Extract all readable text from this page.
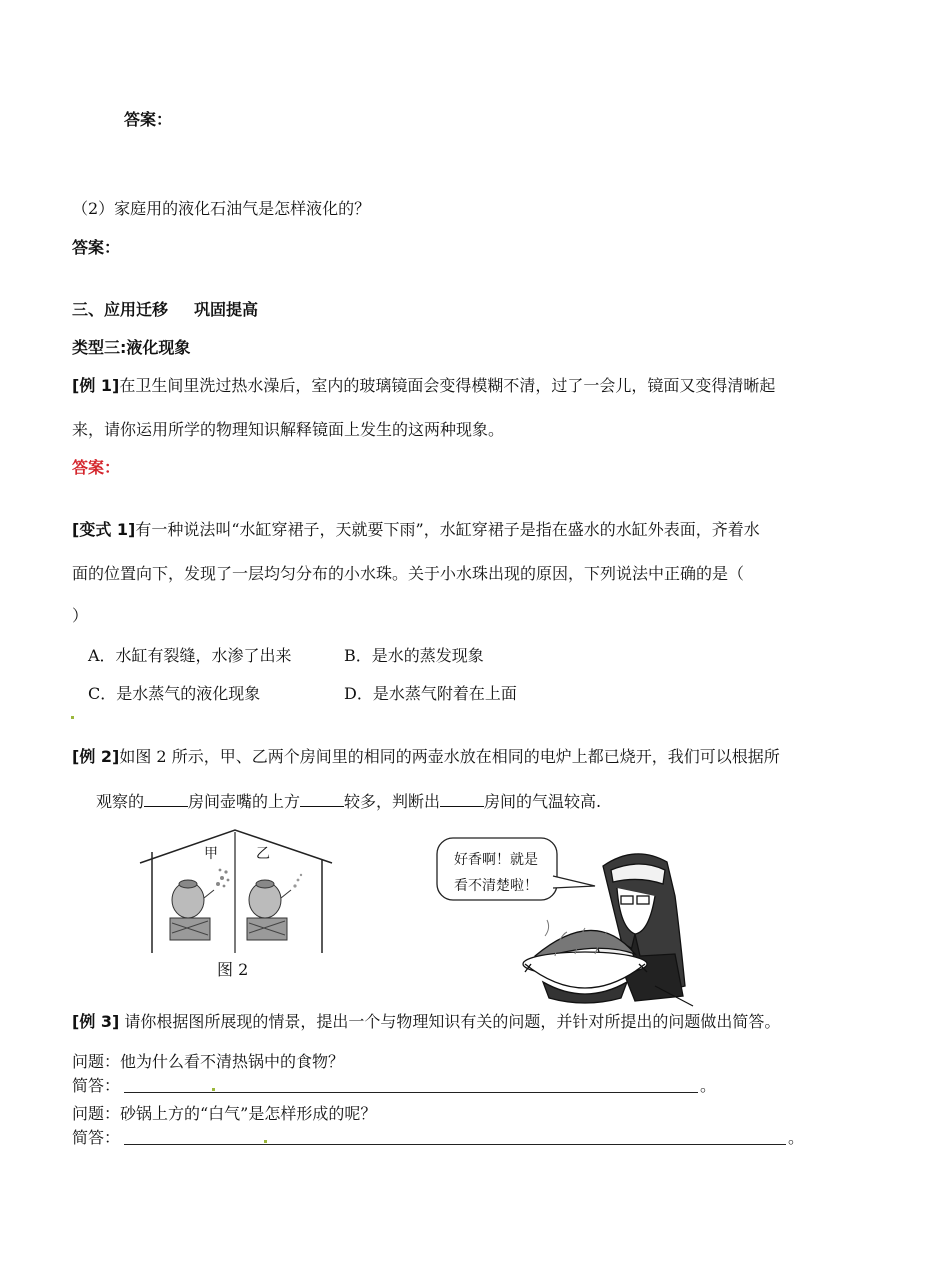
答案：
（2）家庭用的液化石油气是怎样液化的？
答案：
三、应用迁移 巩固提高
类型三:液化现象
[例 1]在卫生间里洗过热水澡后，室内的玻璃镜面会变得模糊不清，过了一会儿，镜面又变得清晰起
来，请你运用所学的物理知识解释镜面上发生的这两种现象。
答案：
[变式 1]有一种说法叫“水缸穿裙子，天就要下雨”，水缸穿裙子是指在盛水的水缸外表面，齐着水
面的位置向下，发现了一层均匀分布的小水珠。关于小水珠出现的原因，下列说法中正确的是（
）
A．水缸有裂缝，水渗了出来	B．是水的蒸发现象
C．是水蒸气的液化现象	D．是水蒸气附着在上面
[例 2]如图 2 所示，甲、乙两个房间里的相同的两壶水放在相同的电炉上都已烧开，我们可以根据所
观察的	房间壶嘴的上方	较多，判断出	房间的气温较高.
甲	乙
图 2
好香啊！就是
看不清楚啦！
[例 3] 请你根据图所展现的情景，提出一个与物理知识有关的问题，并针对所提出的问题做出简答。
问题：他为什么看不清热锅中的食物？
简答：	。
问题：砂锅上方的“白气”是怎样形成的呢？
简答：	。
